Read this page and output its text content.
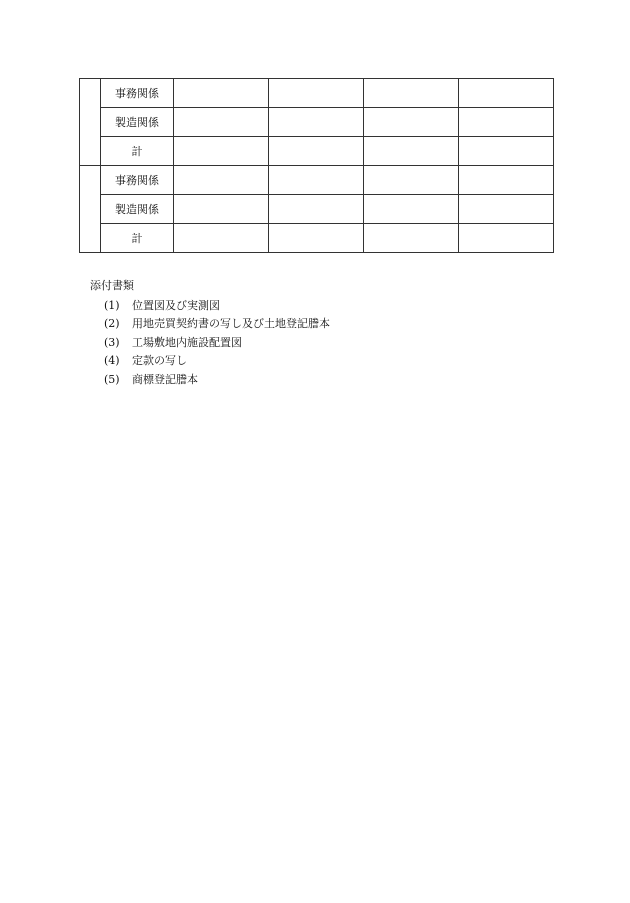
	事務関係				
	製造関係				
	計				
	事務関係				
	製造関係				
	計				
添付書類
(1)	位置図及び実測図
(2)	用地売買契約書の写し及び土地登記謄本
(3)	工場敷地内施設配置図
(4)	定款の写し
(5)	商標登記謄本
